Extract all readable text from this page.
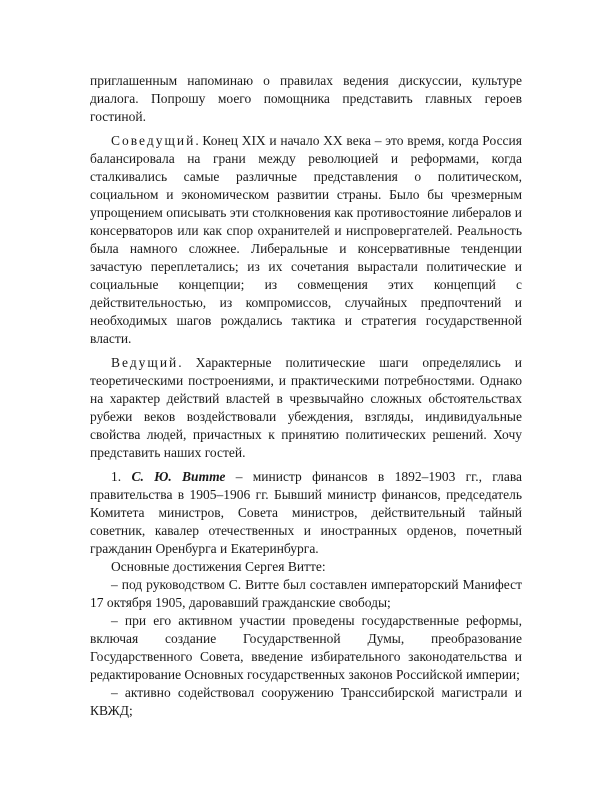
приглашенным напоминаю о правилах ведения дискуссии, культуре диалога. Попрошу моего помощника представить главных героев гостиной.

Соведущий. Конец XIX и начало XX века – это время, когда Россия балансировала на грани между революцией и реформами, когда сталкивались самые различные представления о политическом, социальном и экономическом развитии страны. Было бы чрезмерным упрощением описывать эти столкновения как противостояние либералов и консерваторов или как спор охранителей и ниспровергателей. Реальность была намного сложнее. Либеральные и консервативные тенденции зачастую переплетались; из их сочетания вырастали политические и социальные концепции; из совмещения этих концепций с действительностью, из компромиссов, случайных предпочтений и необходимых шагов рождались тактика и стратегия государственной власти.

Ведущий. Характерные политические шаги определялись и теоретическими построениями, и практическими потребностями. Однако на характер действий властей в чрезвычайно сложных обстоятельствах рубежи веков воздействовали убеждения, взгляды, индивидуальные свойства людей, причастных к принятию политических решений. Хочу представить наших гостей.

1. С. Ю. Витте – министр финансов в 1892–1903 гг., глава правительства в 1905–1906 гг. Бывший министр финансов, председатель Комитета министров, Совета министров, действительный тайный советник, кавалер отечественных и иностранных орденов, почетный гражданин Оренбурга и Екатеринбурга.

Основные достижения Сергея Витте:

– под руководством С. Витте был составлен императорский Манифест 17 октября 1905, даровавший гражданские свободы;

– при его активном участии проведены государственные реформы, включая создание Государственной Думы, преобразование Государственного Совета, введение избирательного законодательства и редактирование Основных государственных законов Российской империи;

– активно содействовал сооружению Транссибирской магистрали и КВЖД;
